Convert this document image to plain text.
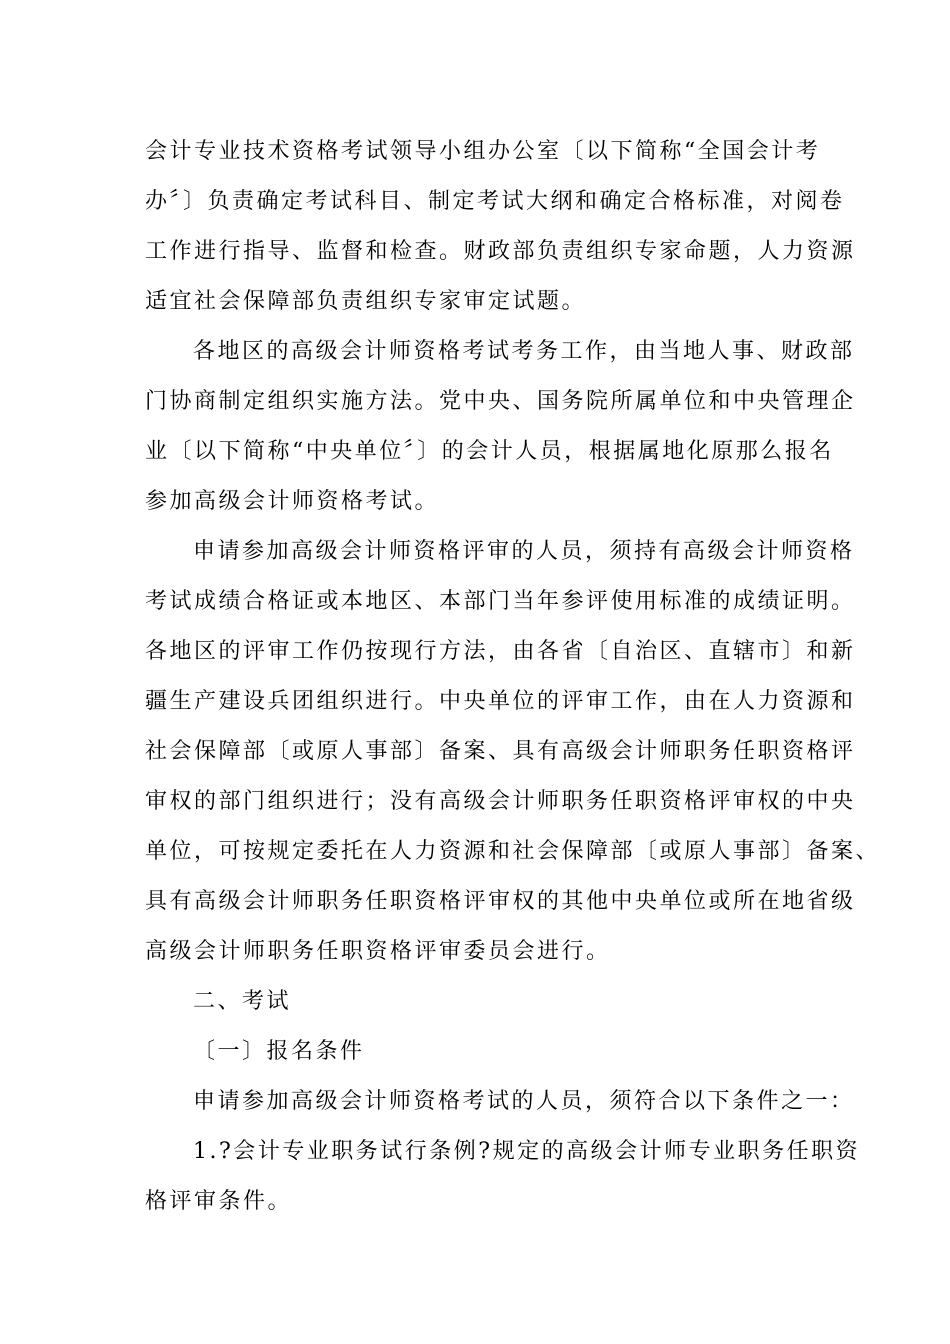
会计专业技术资格考试领导小组办公室〔以下简称“全国会计考

办〞〕负责确定考试科目、制定考试大纲和确定合格标准，对阅卷

工作进行指导、监督和检查。财政部负责组织专家命题，人力资源

适宜社会保障部负责组织专家审定试题。

各地区的高级会计师资格考试考务工作，由当地人事、财政部

门协商制定组织实施方法。党中央、国务院所属单位和中央管理企

业〔以下简称“中央单位〞〕的会计人员，根据属地化原那么报名

参加高级会计师资格考试。

申请参加高级会计师资格评审的人员，须持有高级会计师资格

考试成绩合格证或本地区、本部门当年参评使用标准的成绩证明。

各地区的评审工作仍按现行方法，由各省〔自治区、直辖市〕和新

疆生产建设兵团组织进行。中央单位的评审工作，由在人力资源和

社会保障部〔或原人事部〕备案、具有高级会计师职务任职资格评

审权的部门组织进行；没有高级会计师职务任职资格评审权的中央

单位，可按规定委托在人力资源和社会保障部〔或原人事部〕备案、

具有高级会计师职务任职资格评审权的其他中央单位或所在地省级

高级会计师职务任职资格评审委员会进行。

二、考试

〔一〕报名条件

申请参加高级会计师资格考试的人员，须符合以下条件之一：

1.?会计专业职务试行条例?规定的高级会计师专业职务任职资

格评审条件。
